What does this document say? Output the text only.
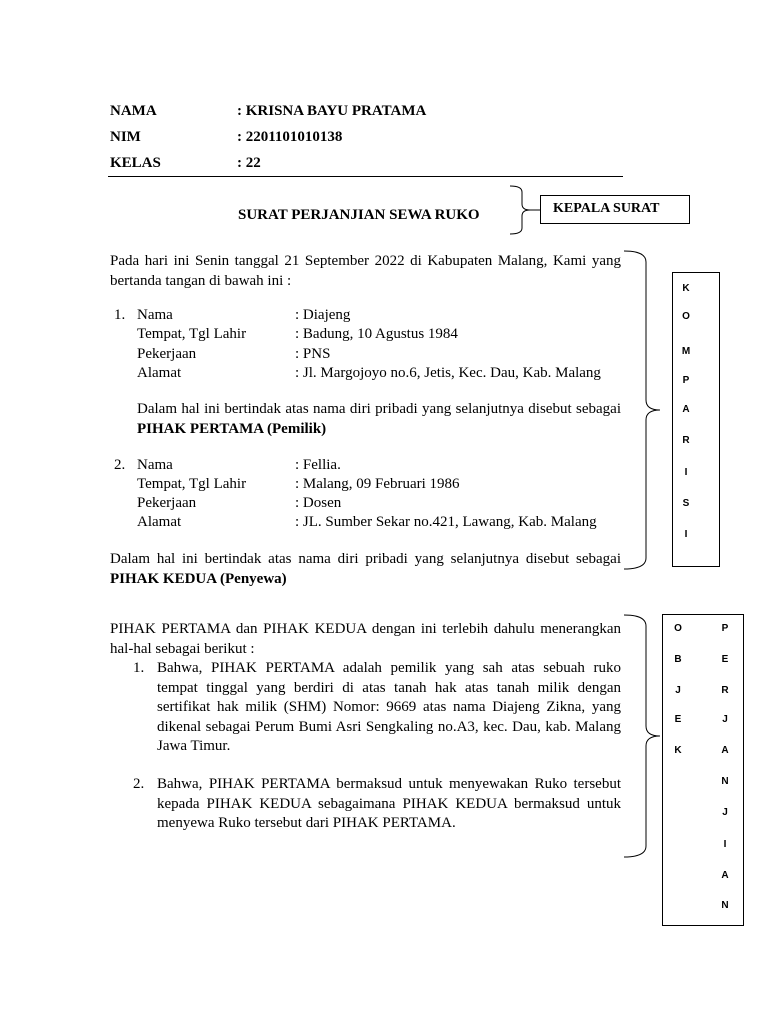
NAMA	: KRISNA BAYU PRATAMA
NIM	: 2201101010138
KELAS	: 22
SURAT PERJANJIAN SEWA RUKO
Pada hari ini Senin tanggal 21 September 2022 di Kabupaten Malang, Kami yang bertanda tangan di bawah ini :
1. Nama	: Diajeng
Tempat, Tgl Lahir	: Badung, 10 Agustus 1984
Pekerjaan	: PNS
Alamat	: Jl. Margojoyo no.6, Jetis, Kec. Dau, Kab. Malang
Dalam hal ini bertindak atas nama diri pribadi yang selanjutnya disebut sebagai PIHAK PERTAMA (Pemilik)
2. Nama	: Fellia.
Tempat, Tgl Lahir	: Malang, 09 Februari 1986
Pekerjaan	: Dosen
Alamat	: JL. Sumber Sekar no.421, Lawang, Kab. Malang
Dalam hal ini bertindak atas nama diri pribadi yang selanjutnya disebut sebagai PIHAK KEDUA (Penyewa)
PIHAK PERTAMA dan PIHAK KEDUA dengan ini terlebih dahulu menerangkan hal-hal sebagai berikut :
1. Bahwa, PIHAK PERTAMA adalah pemilik yang sah atas sebuah ruko tempat tinggal yang berdiri di atas tanah hak atas tanah milik dengan sertifikat hak milik (SHM) Nomor: 9669 atas nama Diajeng Zikna, yang dikenal sebagai Perum Bumi Asri Sengkaling no.A3, kec. Dau, kab. Malang Jawa Timur.
2. Bahwa, PIHAK PERTAMA bermaksud untuk menyewakan Ruko tersebut kepada PIHAK KEDUA sebagaimana PIHAK KEDUA bermaksud untuk menyewa Ruko tersebut dari PIHAK PERTAMA.
KEPALA SURAT
K
O
M
P
A
R
I
S
I
O
B
J
E
K
P
E
R
J
A
N
J
I
A
N
